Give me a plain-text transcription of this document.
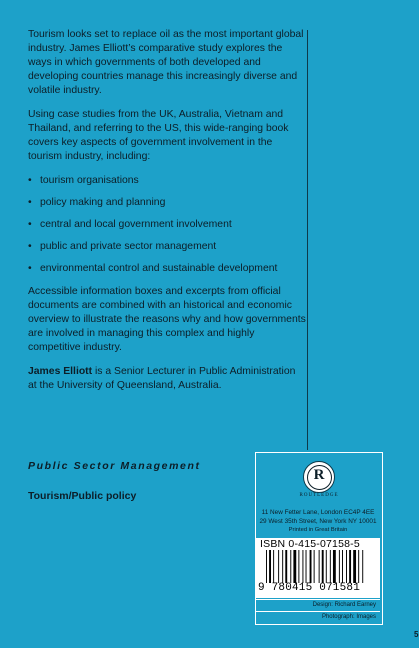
Tourism looks set to replace oil as the most important global industry. James Elliott’s comparative study explores the ways in which governments of both developed and developing countries manage this increasingly diverse and volatile industry.

Using case studies from the UK, Australia, Vietnam and Thailand, and referring to the US, this wide-ranging book covers key aspects of government involvement in the tourism industry, including:

• tourism organisations
• policy making and planning
• central and local government involvement
• public and private sector management
• environmental control and sustainable development

Accessible information boxes and excerpts from official documents are combined with an historical and economic overview to illustrate the reasons why and how governments are involved in managing this complex and highly competitive industry.

James Elliott is a Senior Lecturer in Public Administration at the University of Queensland, Australia.

Public Sector Management
Tourism/Public policy
R
ROUTLEDGE
11 New Fetter Lane, London EC4P 4EE
29 West 35th Street, New York NY 10001
Printed in Great Britain
ISBN 0-415-07158-5
9 780415 071581
Design: Richard Earney
Photograph: Images
5
